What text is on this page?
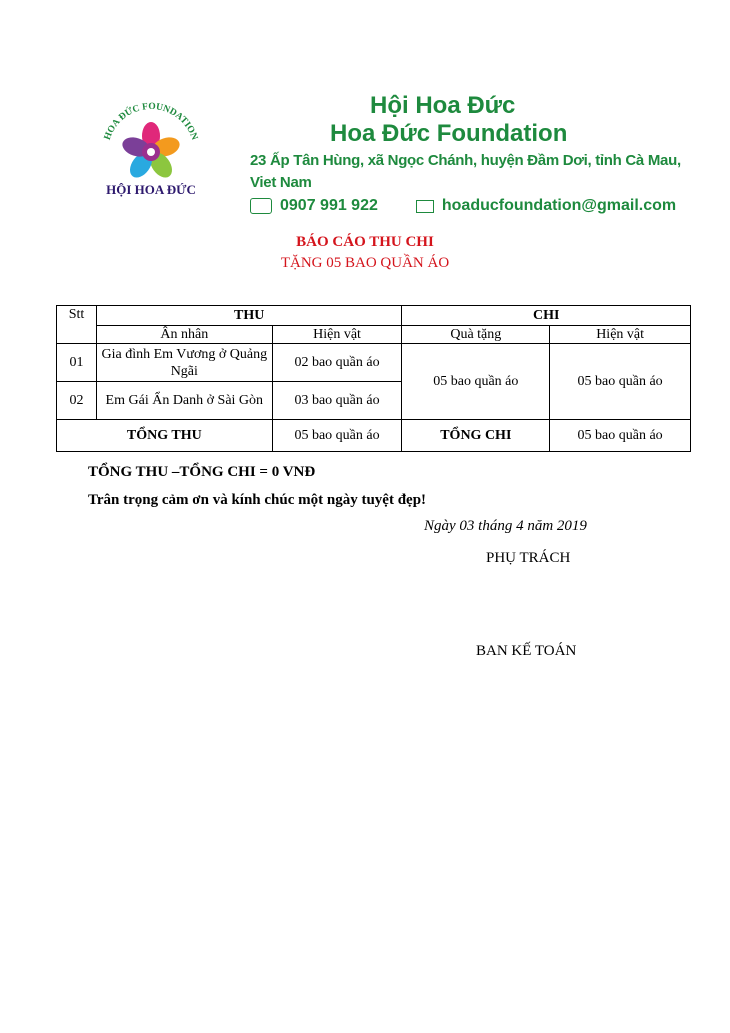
HOA ĐỨC FOUNDATION
HỘI HOA ĐỨC
Hội Hoa Đức
Hoa Đức Foundation
23 Ấp Tân Hùng, xã Ngọc Chánh, huyện Đầm Dơi, tỉnh Cà Mau, Viet Nam
0907 991 922	hoaducfoundation@gmail.com
BÁO CÁO THU CHI
TẶNG 05 BAO QUẦN ÁO
Stt	THU		CHI	
	Ân nhân	Hiện vật	Quà tặng	Hiện vật
01	Gia đình Em Vương ở Quảng Ngãi	02 bao quần áo	05 bao quần áo	05 bao quần áo
02	Em Gái Ẩn Danh ở Sài Gòn	03 bao quần áo		
TỔNG THU		05 bao quần áo	TỔNG CHI	05 bao quần áo
TỔNG THU –TỔNG CHI = 0 VNĐ
Trân trọng cảm ơn và kính chúc một ngày tuyệt đẹp!
Ngày 03 tháng 4 năm 2019
PHỤ TRÁCH
BAN KẾ TOÁN
